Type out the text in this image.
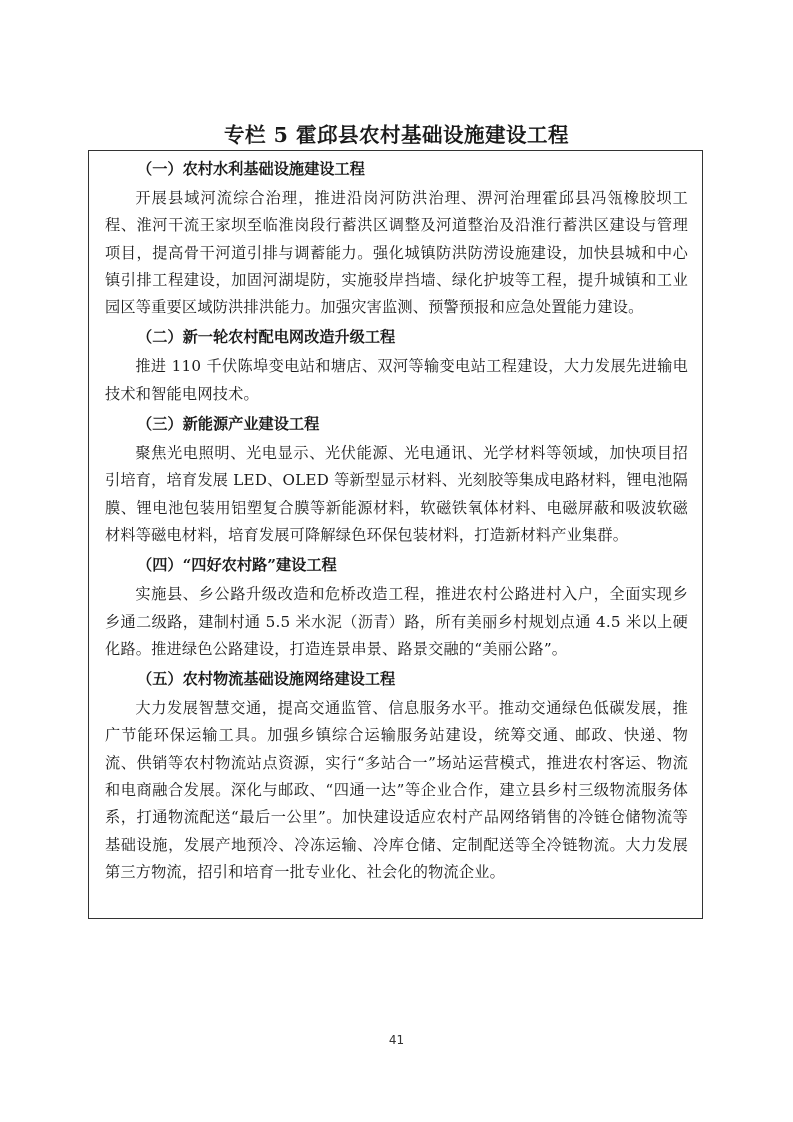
专栏 5 霍邱县农村基础设施建设工程

（一）农村水利基础设施建设工程

开展县域河流综合治理，推进沿岗河防洪治理、淠河治理霍邱县冯瓴橡胶坝工程、淮河干流王家坝至临淮岗段行蓄洪区调整及河道整治及沿淮行蓄洪区建设与管理项目，提高骨干河道引排与调蓄能力。强化城镇防洪防涝设施建设，加快县城和中心镇引排工程建设，加固河湖堤防，实施驳岸挡墙、绿化护坡等工程，提升城镇和工业园区等重要区域防洪排洪能力。加强灾害监测、预警预报和应急处置能力建设。

（二）新一轮农村配电网改造升级工程

推进 110 千伏陈埠变电站和塘店、双河等输变电站工程建设，大力发展先进输电技术和智能电网技术。

（三）新能源产业建设工程

聚焦光电照明、光电显示、光伏能源、光电通讯、光学材料等领域，加快项目招引培育，培育发展 LED、OLED 等新型显示材料、光刻胶等集成电路材料，锂电池隔膜、锂电池包装用铝塑复合膜等新能源材料，软磁铁氧体材料、电磁屏蔽和吸波软磁材料等磁电材料，培育发展可降解绿色环保包装材料，打造新材料产业集群。

（四）“四好农村路”建设工程

实施县、乡公路升级改造和危桥改造工程，推进农村公路进村入户，全面实现乡乡通二级路，建制村通 5.5 米水泥（沥青）路，所有美丽乡村规划点通 4.5 米以上硬化路。推进绿色公路建设，打造连景串景、路景交融的“美丽公路”。

（五）农村物流基础设施网络建设工程

大力发展智慧交通，提高交通监管、信息服务水平。推动交通绿色低碳发展，推广节能环保运输工具。加强乡镇综合运输服务站建设，统筹交通、邮政、快递、物流、供销等农村物流站点资源，实行“多站合一”场站运营模式，推进农村客运、物流和电商融合发展。深化与邮政、“四通一达”等企业合作，建立县乡村三级物流服务体系，打通物流配送“最后一公里”。加快建设适应农村产品网络销售的冷链仓储物流等基础设施，发展产地预冷、冷冻运输、冷库仓储、定制配送等全冷链物流。大力发展第三方物流，招引和培育一批专业化、社会化的物流企业。

41
